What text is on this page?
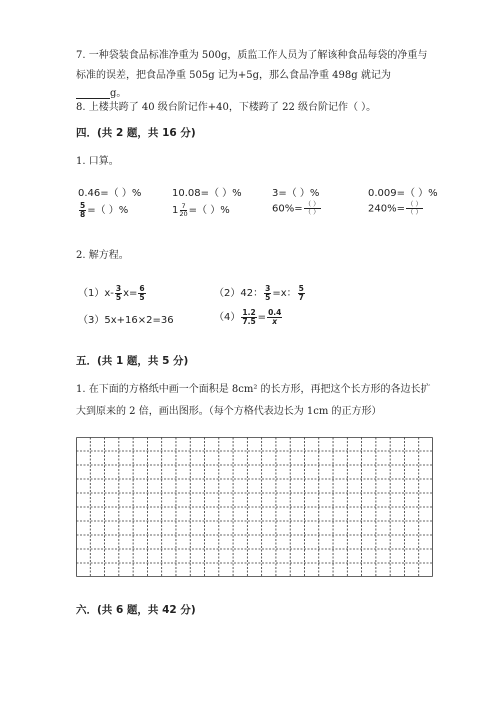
7. 一种袋装食品标准净重为 500g，质监工作人员为了解该种食品每袋的净重与
标准的误差，把食品净重 505g 记为+5g，那么食品净重 498g 就记为
g。
8. 上楼共跨了 40 级台阶记作+40，下楼跨了 22 级台阶记作（ ）。
四．(共 2 题，共 16 分)
1. 口算。
0.46=（ ）%	10.08=（ ）%	3=（ ）%	0.009=（ ）%
$\frac{5}{8}$ =（ ）%	$1 \frac{7}{20}$ =（ ）%	$60\%= \frac{( )}{( )}$	$240\%= \frac{( )}{( )}$
2. 解方程。
$(1)x- \frac{3}{5} x= \frac{6}{5}$	（2）42： $\frac{3}{5} =x$： $\frac{5}{7}$
（3）5x+16×2=36	$(4) \frac{1.2}{7.5} = \frac{0.4}{x}$
五．(共 1 题，共 5 分)
1. 在下面的方格纸中画一个面积是 8cm² 的长方形，再把这个长方形的各边长扩
大到原来的 2 倍，画出图形。（每个方格代表边长为 1cm 的正方形）
六．(共 6 题，共 42 分)
